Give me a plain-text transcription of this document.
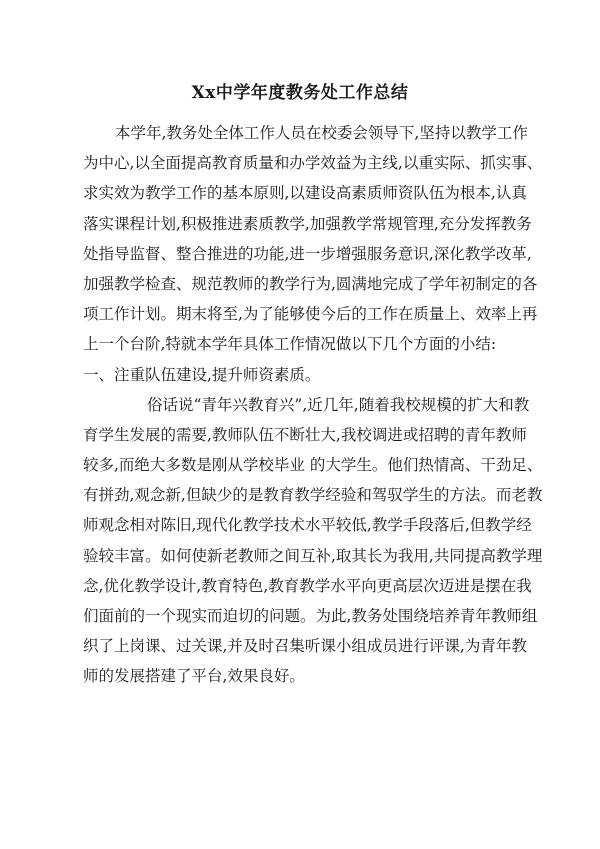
Xx中学年度教务处工作总结
本学年,教务处全体工作人员在校委会领导下,坚持以教学工作
为中心,以全面提高教育质量和办学效益为主线,以重实际、抓实事、
求实效为教学工作的基本原则,以建设高素质师资队伍为根本,认真
落实课程计划,积极推进素质教学,加强教学常规管理,充分发挥教务
处指导监督、整合推进的功能,进一步增强服务意识,深化教学改革,
加强教学检查、规范教师的教学行为,圆满地完成了学年初制定的各
项工作计划。期末将至,为了能够使今后的工作在质量上、效率上再
上一个台阶,特就本学年具体工作情况做以下几个方面的小结:
一、注重队伍建设,提升师资素质。
俗话说“青年兴教育兴”,近几年,随着我校规模的扩大和教
育学生发展的需要,教师队伍不断壮大,我校调进或招聘的青年教师
较多,而绝大多数是刚从学校毕业 的大学生。他们热情高、干劲足、
有拼劲,观念新,但缺少的是教育教学经验和驾驭学生的方法。而老教
师观念相对陈旧,现代化教学技术水平较低,教学手段落后,但教学经
验较丰富。如何使新老教师之间互补,取其长为我用,共同提高教学理
念,优化教学设计,教育特色,教育教学水平向更高层次迈进是摆在我
们面前的一个现实而迫切的问题。为此,教务处围绕培养青年教师组
织了上岗课、过关课,并及时召集听课小组成员进行评课,为青年教
师的发展搭建了平台,效果良好。
